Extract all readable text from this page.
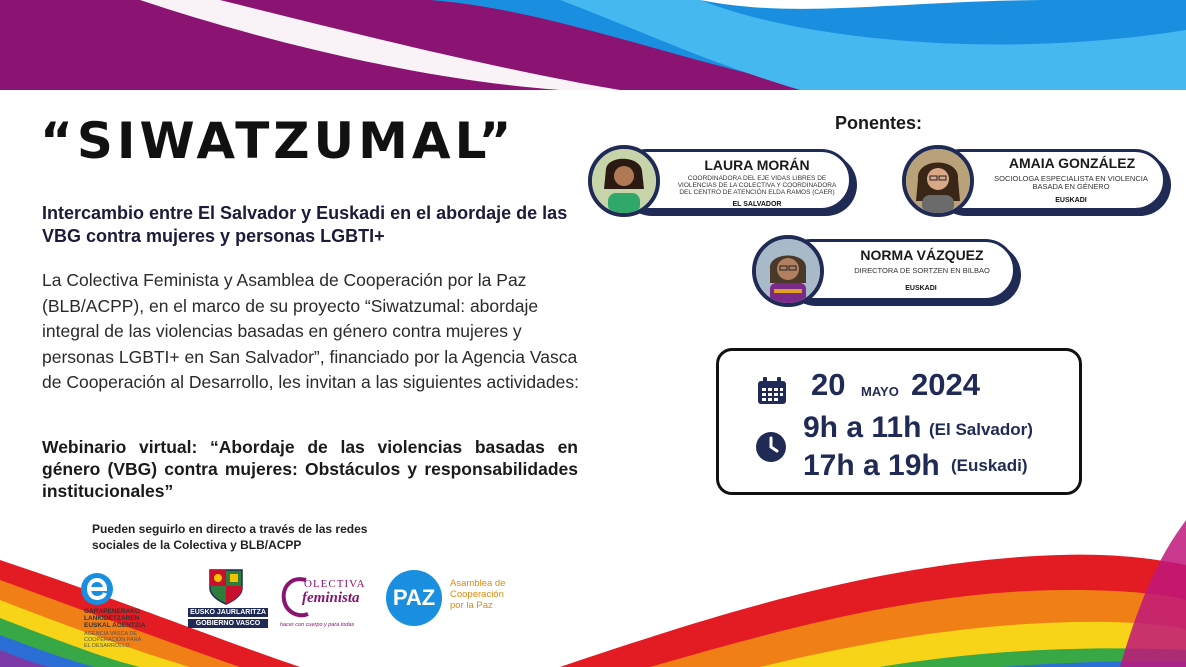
“SIWATZUMAL”
Intercambio entre El Salvador y Euskadi en el abordaje de las VBG contra mujeres y personas LGBTI+
La Colectiva Feminista y Asamblea de Cooperación por la Paz (BLB/ACPP), en el marco de su proyecto “Siwatzumal: abordaje integral de las violencias basadas en género contra mujeres y personas LGBTI+ en San Salvador”, financiado por la Agencia Vasca de Cooperación al Desarrollo, les invitan a las siguientes actividades:
Webinario virtual: “Abordaje de las violencias basadas en género (VBG) contra mujeres: Obstáculos y responsabilidades institucionales”
Pueden seguirlo en directo a través de las redes sociales de la Colectiva y BLB/ACPP
Ponentes:
LAURA MORÁN
COORDINADORA DEL EJE VIDAS LIBRES DE VIOLENCIAS DE LA COLECTIVA Y COORDINADORA DEL CENTRO DE ATENCIÓN ELDA RAMOS (CAER)
EL SALVADOR
AMAIA GONZÁLEZ
SOCIOLOGA ESPECIALISTA EN VIOLENCIA BASADA EN GÉNERO
EUSKADI
NORMA VÁZQUEZ
DIRECTORA DE SORTZEN EN BILBAO
EUSKADI
20 MAYO 2024
9h a 11h (El Salvador)
17h a 19h (Euskadi)
GARAPENERAKO
LANKIDETZAREN
EUSKAL AGENTZIA
AGENCIA VASCA DE
COOPERACIÓN PARA
EL DESARROLLO
EUSKO JAURLARITZA
GOBIERNO VASCO
OLECTIVA
feminista
hacer con cuerpo y para todas
PAZ
Asamblea de
Cooperación
por la Paz
